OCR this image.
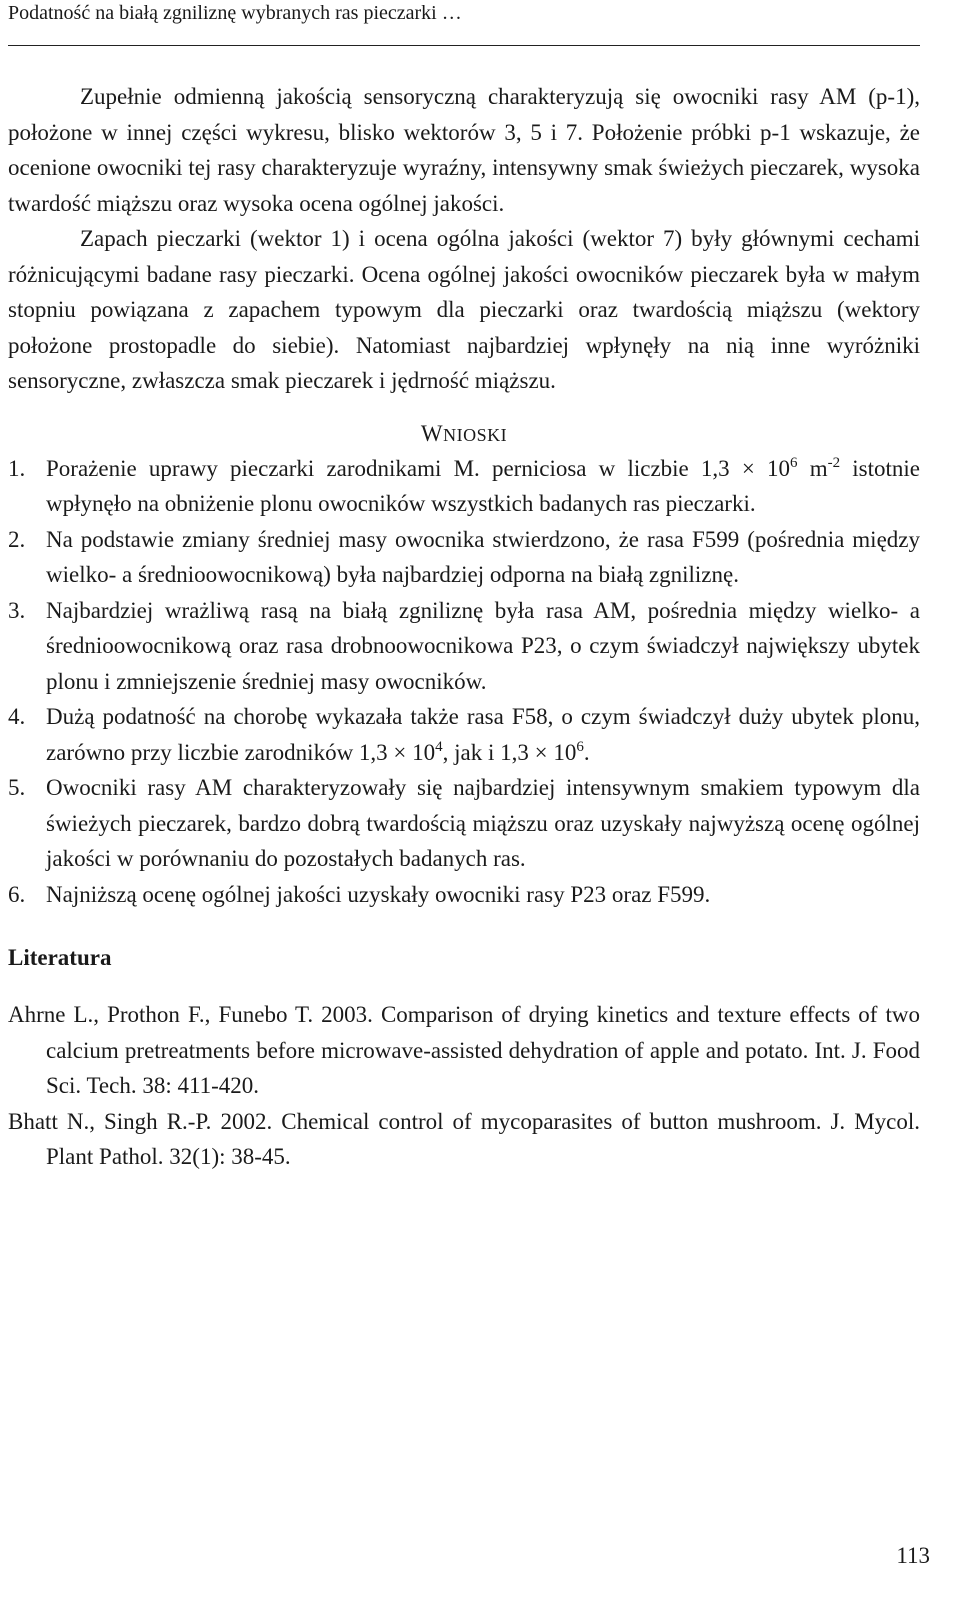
Podatność na białą zgniliznę wybranych ras pieczarki …

Zupełnie odmienną jakością sensoryczną charakteryzują się owocniki rasy AM (p-1), położone w innej części wykresu, blisko wektorów 3, 5 i 7. Położenie próbki p-1 wskazuje, że ocenione owocniki tej rasy charakteryzuje wyraźny, intensywny smak świeżych pieczarek, wysoka twardość miąższu oraz wysoka ocena ogólnej jakości.

Zapach pieczarki (wektor 1) i ocena ogólna jakości (wektor 7) były głównymi cechami różnicującymi badane rasy pieczarki. Ocena ogólnej jakości owocników pieczarek była w małym stopniu powiązana z zapachem typowym dla pieczarki oraz twardością miąższu (wektory położone prostopadle do siebie). Natomiast najbardziej wpłynęły na nią inne wyróżniki sensoryczne, zwłaszcza smak pieczarek i jędrność miąższu.

WNIOSKI
1. Porażenie uprawy pieczarki zarodnikami M. perniciosa w liczbie $1,3 \times 10^6$ $m^{-2}$ istotnie wpłynęło na obniżenie plonu owocników wszystkich badanych ras pieczarki.
2. Na podstawie zmiany średniej masy owocnika stwierdzono, że rasa F599 (pośrednia między wielko- a średnioowocnikową) była najbardziej odporna na białą zgniliznę.
3. Najbardziej wrażliwą rasą na białą zgniliznę była rasa AM, pośrednia między wielko- a średnioowocnikową oraz rasa drobnoowocnikowa P23, o czym świadczył największy ubytek plonu i zmniejszenie średniej masy owocników.
4. Dużą podatność na chorobę wykazała także rasa F58, o czym świadczył duży ubytek plonu, zarówno przy liczbie zarodników $1,3 \times 10^4$, jak i $1,3 \times 10^6$.
5. Owocniki rasy AM charakteryzowały się najbardziej intensywnym smakiem typowym dla świeżych pieczarek, bardzo dobrą twardością miąższu oraz uzyskały najwyższą ocenę ogólnej jakości w porównaniu do pozostałych badanych ras.
6. Najniższą ocenę ogólnej jakości uzyskały owocniki rasy P23 oraz F599.
Literatura

Ahrne L., Prothon F., Funebo T. 2003. Comparison of drying kinetics and texture effects of two calcium pretreatments before microwave-assisted dehydration of apple and potato. Int. J. Food Sci. Tech. 38: 411-420.

Bhatt N., Singh R.-P. 2002. Chemical control of mycoparasites of button mushroom. J. Mycol. Plant Pathol. 32(1): 38-45.

113
